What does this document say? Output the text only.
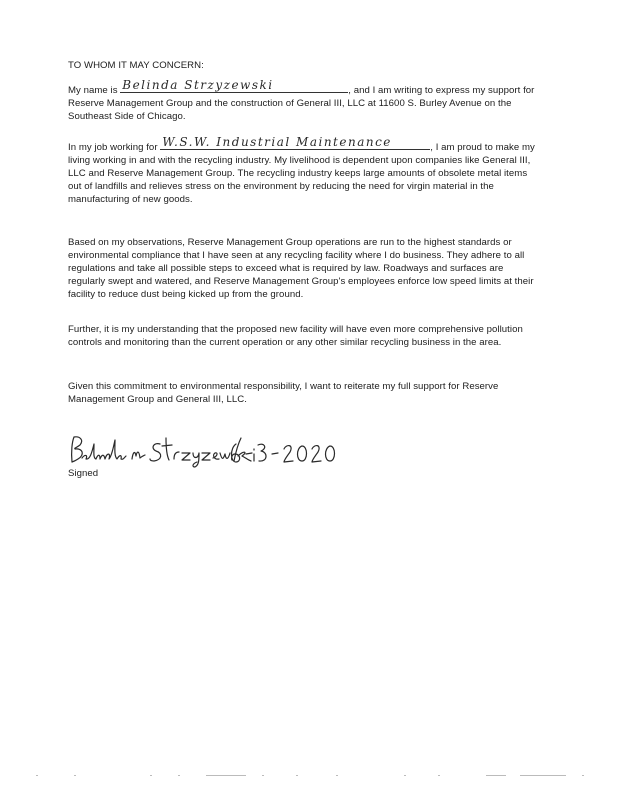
TO WHOM IT MAY CONCERN:

My name is Belinda Strzyzewski	, and I am writing to express my support for Reserve Management Group and the construction of General III, LLC at 11600 S. Burley Avenue on the Southeast Side of Chicago.

In my job working for W.S.W. Industrial Maintenance	, I am proud to make my living working in and with the recycling industry. My livelihood is dependent upon companies like General III, LLC and Reserve Management Group. The recycling industry keeps large amounts of obsolete metal items out of landfills and relieves stress on the environment by reducing the need for virgin material in the manufacturing of new goods.

Based on my observations, Reserve Management Group operations are run to the highest standards or environmental compliance that I have seen at any recycling facility where I do business. They adhere to all regulations and take all possible steps to exceed what is required by law. Roadways and surfaces are regularly swept and watered, and Reserve Management Group's employees enforce low speed limits at their facility to reduce dust being kicked up from the ground.

Further, it is my understanding that the proposed new facility will have even more comprehensive pollution controls and monitoring than the current operation or any other similar recycling business in the area.

Given this commitment to environmental responsibility, I want to reiterate my full support for Reserve Management Group and General III, LLC.

Signed
